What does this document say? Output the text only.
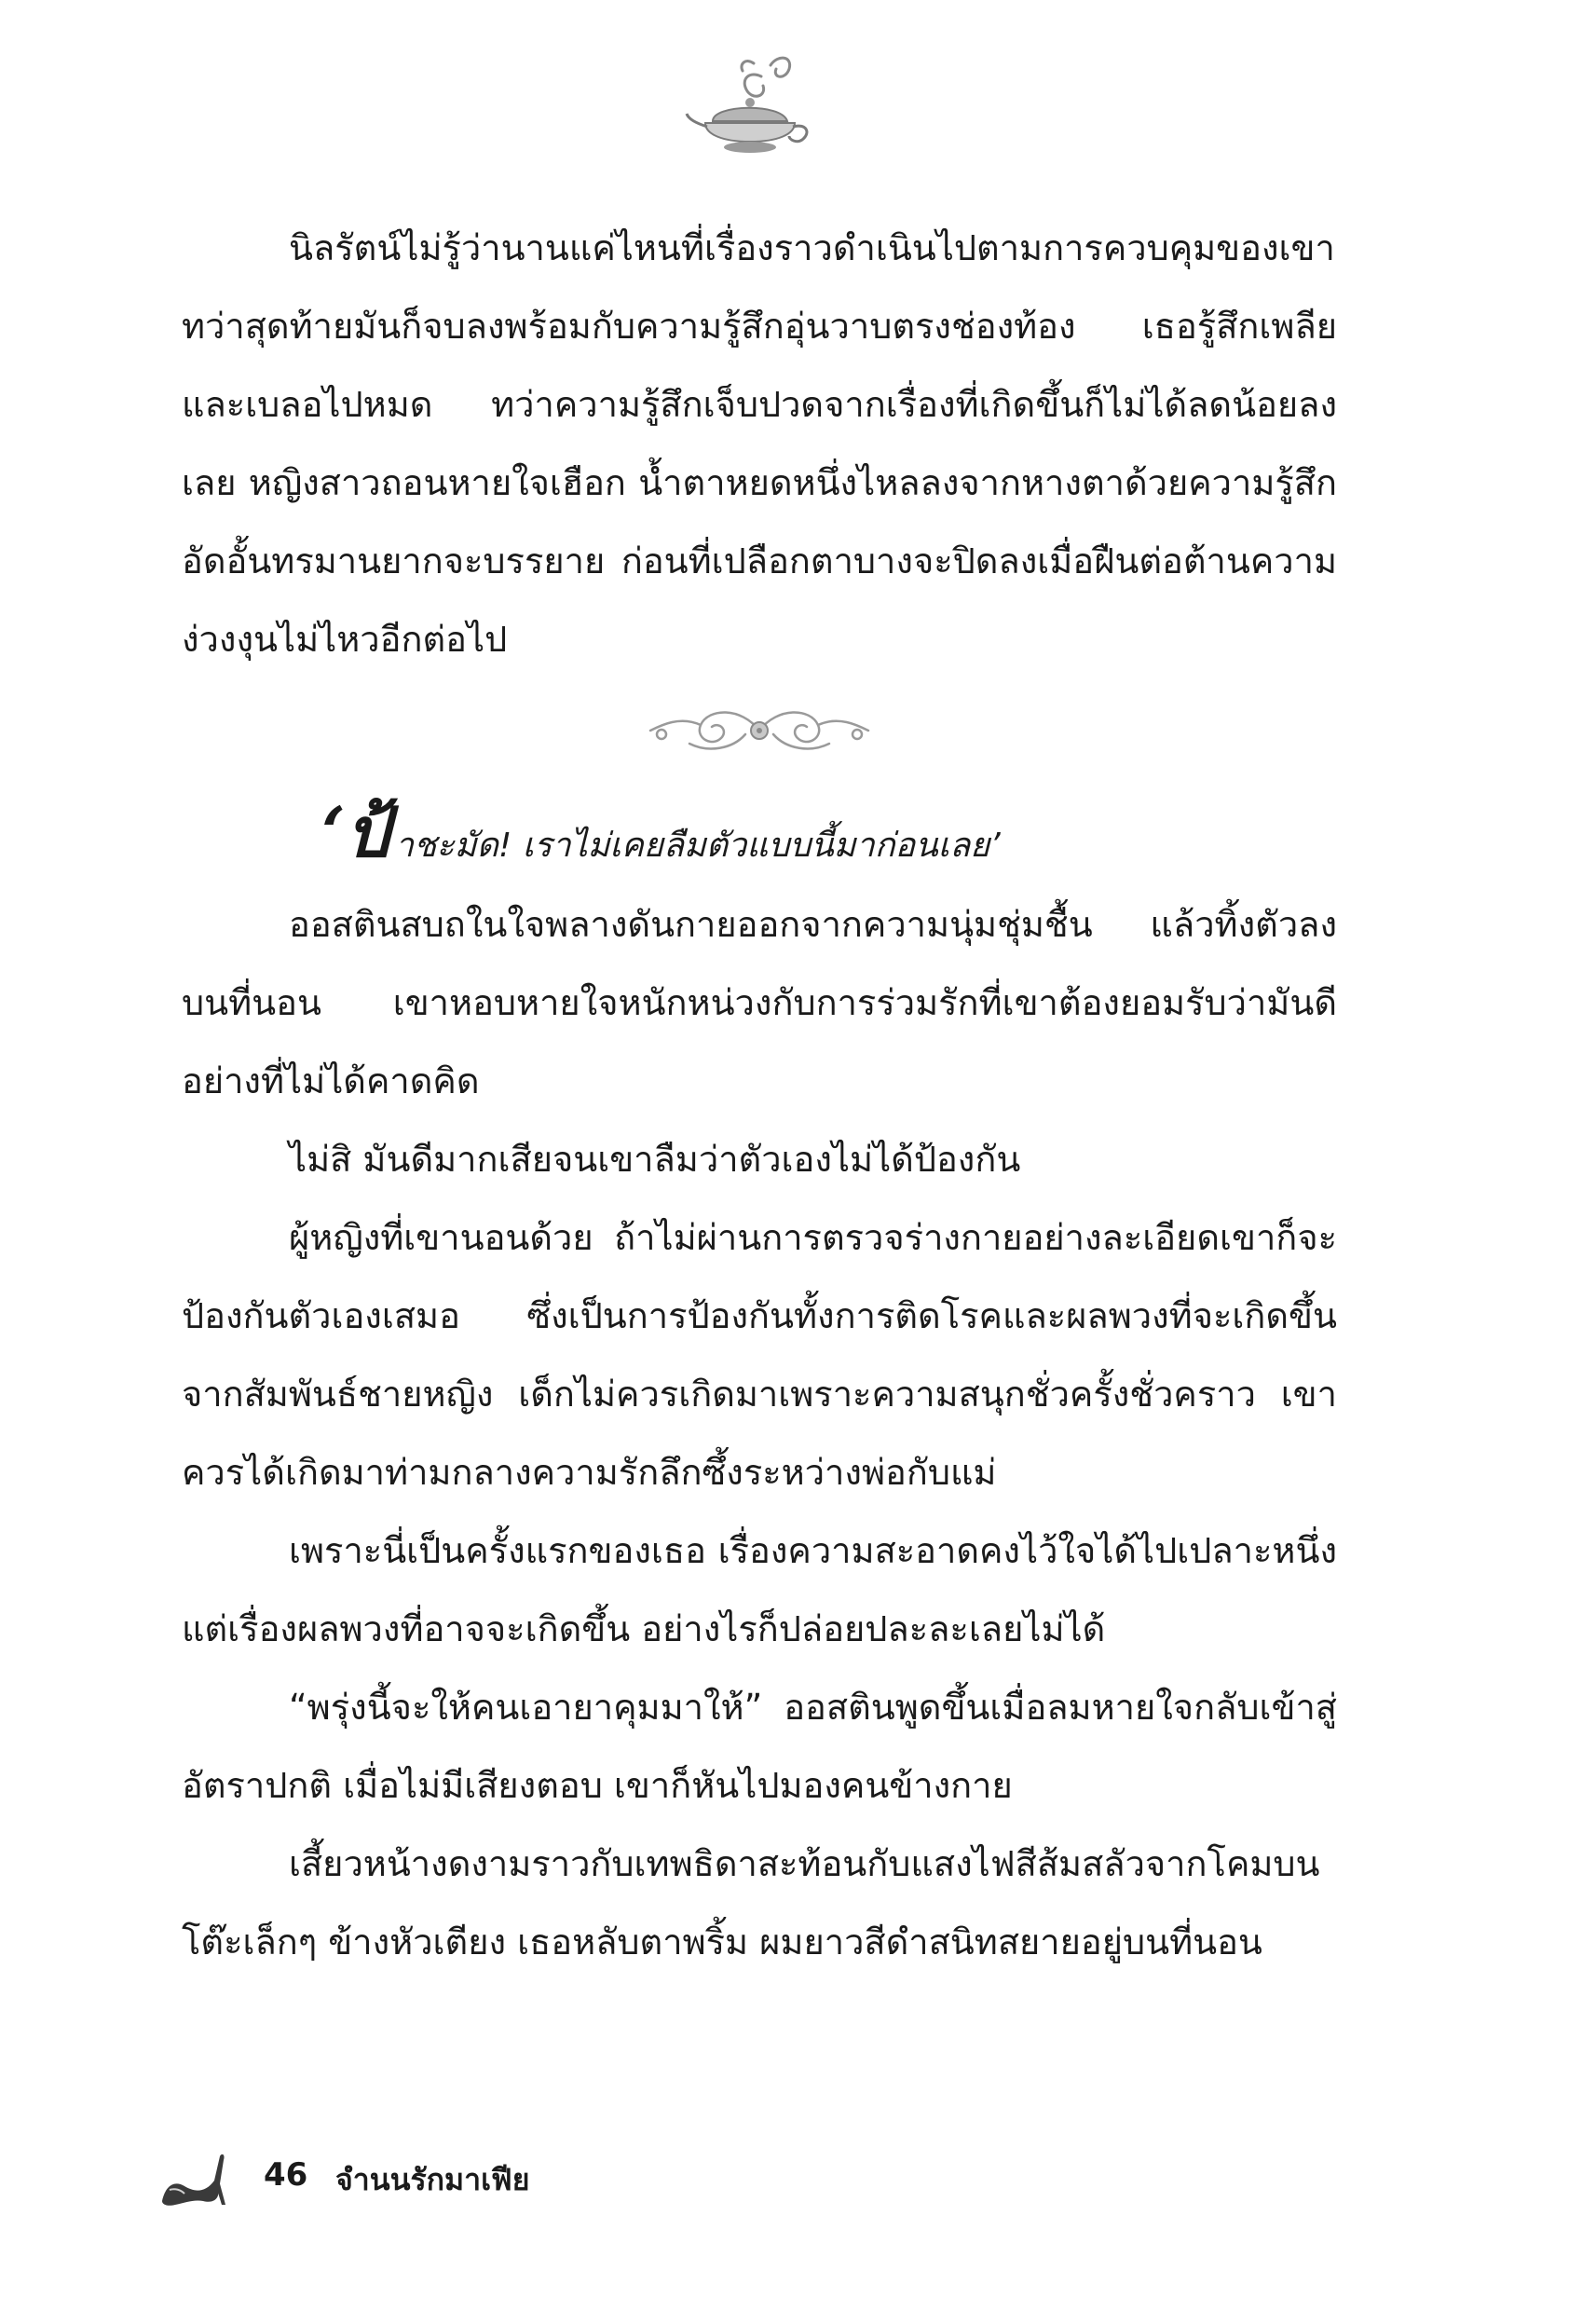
นิลรัตน์ไม่รู้ว่านานแค่ไหนที่เรื่องราวดำเนินไปตามการควบคุมของเขา ทว่าสุดท้ายมันก็จบลงพร้อมกับความรู้สึกอุ่นวาบตรงช่องท้อง เธอรู้สึกเพลียและเบลอไปหมด ทว่าความรู้สึกเจ็บปวดจากเรื่องที่เกิดขึ้นก็ไม่ได้ลดน้อยลงเลย หญิงสาวถอนหายใจเฮือก น้ำตาหยดหนึ่งไหลลงจากหางตาด้วยความรู้สึกอัดอั้นทรมานยากจะบรรยาย ก่อนที่เปลือกตาบางจะปิดลงเมื่อฝืนต่อต้านความง่วงงุนไม่ไหวอีกต่อไป

‘ป้าชะมัด! เราไม่เคยลืมตัวแบบนี้มาก่อนเลย’

ออสตินสบถในใจพลางดันกายออกจากความนุ่มชุ่มชื้น แล้วทิ้งตัวลงบนที่นอน เขาหอบหายใจหนักหน่วงกับการร่วมรักที่เขาต้องยอมรับว่ามันดีอย่างที่ไม่ได้คาดคิด

ไม่สิ มันดีมากเสียจนเขาลืมว่าตัวเองไม่ได้ป้องกัน

ผู้หญิงที่เขานอนด้วย ถ้าไม่ผ่านการตรวจร่างกายอย่างละเอียดเขาก็จะป้องกันตัวเองเสมอ ซึ่งเป็นการป้องกันทั้งการติดโรคและผลพวงที่จะเกิดขึ้นจากสัมพันธ์ชายหญิง เด็กไม่ควรเกิดมาเพราะความสนุกชั่วครั้งชั่วคราว เขาควรได้เกิดมาท่ามกลางความรักลึกซึ้งระหว่างพ่อกับแม่

เพราะนี่เป็นครั้งแรกของเธอ เรื่องความสะอาดคงไว้ใจได้ไปเปลาะหนึ่ง แต่เรื่องผลพวงที่อาจจะเกิดขึ้น อย่างไรก็ปล่อยปละละเลยไม่ได้

“พรุ่งนี้จะให้คนเอายาคุมมาให้” ออสตินพูดขึ้นเมื่อลมหายใจกลับเข้าสู่อัตราปกติ เมื่อไม่มีเสียงตอบ เขาก็หันไปมองคนข้างกาย

เสี้ยวหน้างดงามราวกับเทพธิดาสะท้อนกับแสงไฟสีส้มสลัวจากโคมบนโต๊ะเล็กๆ ข้างหัวเตียง เธอหลับตาพริ้ม ผมยาวสีดำสนิทสยายอยู่บนที่นอน

46 จำนนรักมาเฟีย
